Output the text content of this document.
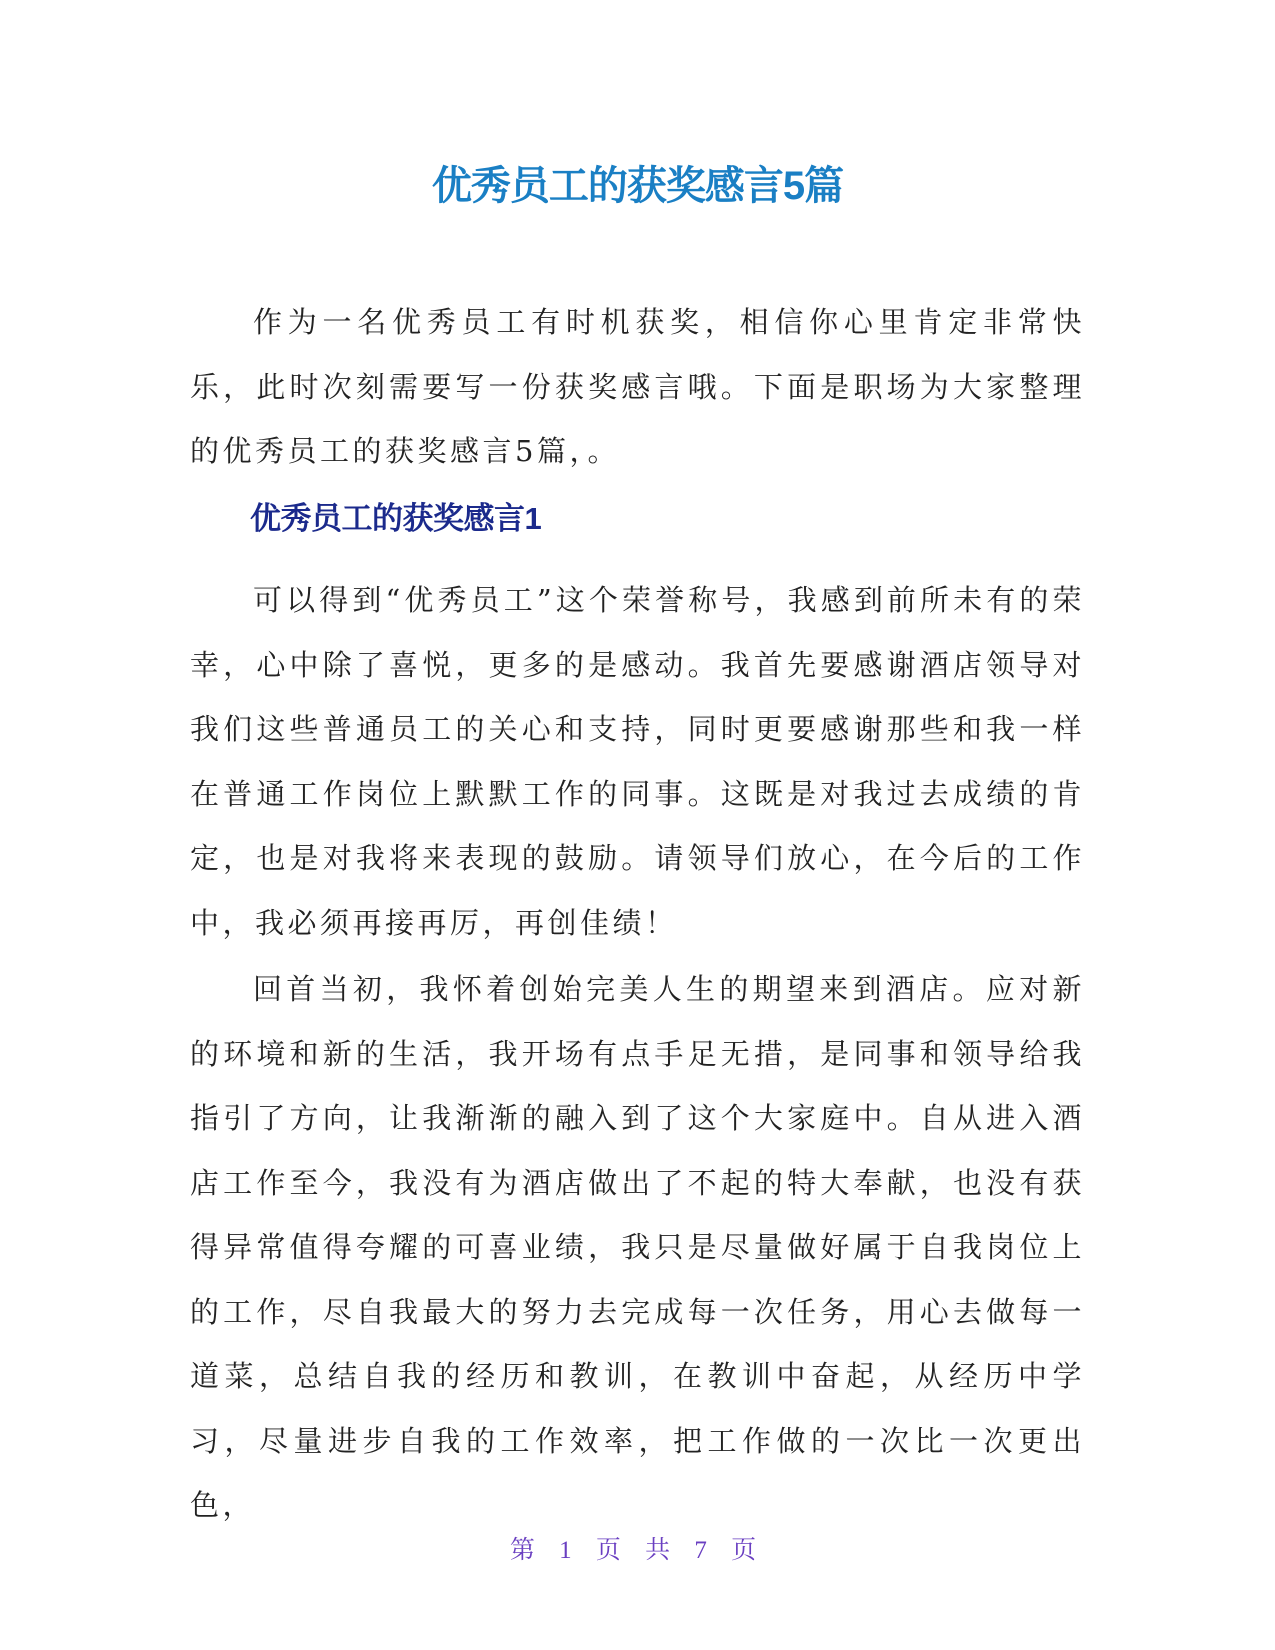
优秀员工的获奖感言5篇

作为一名优秀员工有时机获奖，相信你心里肯定非常快乐，此时次刻需要写一份获奖感言哦。下面是职场为大家整理的优秀员工的获奖感言5篇，。

优秀员工的获奖感言1

可以得到“优秀员工”这个荣誉称号，我感到前所未有的荣幸，心中除了喜悦，更多的是感动。我首先要感谢酒店领导对我们这些普通员工的关心和支持，同时更要感谢那些和我一样在普通工作岗位上默默工作的同事。这既是对我过去成绩的肯定，也是对我将来表现的鼓励。请领导们放心，在今后的工作中，我必须再接再厉，再创佳绩！

回首当初，我怀着创始完美人生的期望来到酒店。应对新的环境和新的生活，我开场有点手足无措，是同事和领导给我指引了方向，让我渐渐的融入到了这个大家庭中。自从进入酒店工作至今，我没有为酒店做出了不起的特大奉献，也没有获得异常值得夸耀的可喜业绩，我只是尽量做好属于自我岗位上的工作，尽自我最大的努力去完成每一次任务，用心去做每一道菜，总结自我的经历和教训，在教训中奋起，从经历中学习，尽量进步自我的工作效率，把工作做的一次比一次更出色，

第 1 页 共 7 页
